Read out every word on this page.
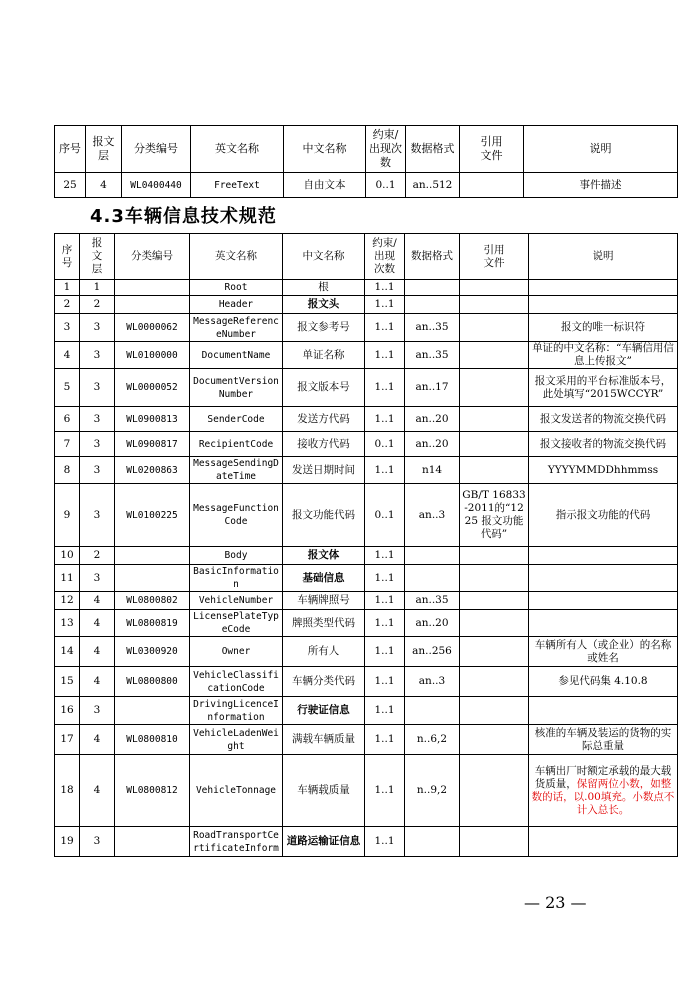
序号	报文层	分类编号	英文名称	中文名称	约束/出现次数	数据格式	引用文件	说明
25	4	WL0400440	FreeText	自由文本	0..1	an..512		事件描述
4.3车辆信息技术规范
序号	报文层	分类编号	英文名称	中文名称	约束/出现次数	数据格式	引用文件	说明
1	1		Root	根	1..1			
2	2		Header	报文头	1..1			
3	3	WL0000062	MessageReferenceNumber	报文参考号	1..1	an..35		报文的唯一标识符
4	3	WL0100000	DocumentName	单证名称	1..1	an..35		单证的中文名称：“车辆信用信息上传报文”
5	3	WL0000052	DocumentVersionNumber	报文版本号	1..1	an..17		报文采用的平台标准版本号，此处填写“2015WCCYR”
6	3	WL0900813	SenderCode	发送方代码	1..1	an..20		报文发送者的物流交换代码
7	3	WL0900817	RecipientCode	接收方代码	0..1	an..20		报文接收者的物流交换代码
8	3	WL0200863	MessageSendingDateTime	发送日期时间	1..1	n14		YYYYMMDDhhmmss
9	3	WL0100225	MessageFunctionCode	报文功能代码	0..1	an..3	GB/T 16833-2011的“1225 报文功能代码”	指示报文功能的代码
10	2		Body	报文体	1..1			
11	3		BasicInformation	基础信息	1..1			
12	4	WL0800802	VehicleNumber	车辆牌照号	1..1	an..35		
13	4	WL0800819	LicensePlateTypeCode	牌照类型代码	1..1	an..20		
14	4	WL0300920	Owner	所有人	1..1	an..256		车辆所有人（或企业）的名称或姓名
15	4	WL0800800	VehicleClassificationCode	车辆分类代码	1..1	an..3		参见代码集 4.10.8
16	3		DrivingLicenceInformation	行驶证信息	1..1			
17	4	WL0800810	VehicleLadenWeight	满载车辆质量	1..1	n..6,2		核准的车辆及装运的货物的实际总重量
18	4	WL0800812	VehicleTonnage	车辆载质量	1..1	n..9,2		车辆出厂时额定承载的最大载货质量，保留两位小数，如整数的话，以.00填充。小数点不计入总长。
19	3		RoadTransportCertificateInform	道路运输证信息	1..1			
— 23 —
